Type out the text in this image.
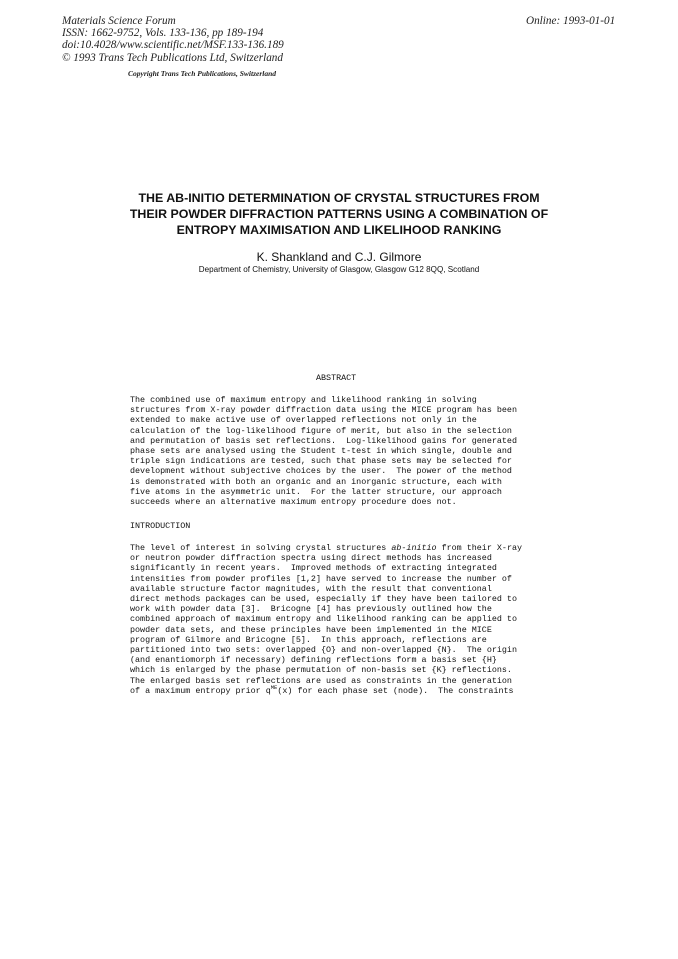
Materials Science Forum
ISSN: 1662-9752, Vols. 133-136, pp 189-194
doi:10.4028/www.scientific.net/MSF.133-136.189
© 1993 Trans Tech Publications Ltd, Switzerland
Online: 1993-01-01
Copyright Trans Tech Publications, Switzerland
THE AB-INITIO DETERMINATION OF CRYSTAL STRUCTURES FROM
THEIR POWDER DIFFRACTION PATTERNS USING A COMBINATION OF
ENTROPY MAXIMISATION AND LIKELIHOOD RANKING
K. Shankland and C.J. Gilmore
Department of Chemistry, University of Glasgow, Glasgow G12 8QQ, Scotland
ABSTRACT
The combined use of maximum entropy and likelihood ranking in solving
structures from X-ray powder diffraction data using the MICE program has been
extended to make active use of overlapped reflections not only in the
calculation of the log-likelihood figure of merit, but also in the selection
and permutation of basis set reflections.  Log-likelihood gains for generated
phase sets are analysed using the Student t-test in which single, double and
triple sign indications are tested, such that phase sets may be selected for
development without subjective choices by the user.  The power of the method
is demonstrated with both an organic and an inorganic structure, each with
five atoms in the asymmetric unit.  For the latter structure, our approach
succeeds where an alternative maximum entropy procedure does not.
INTRODUCTION
The level of interest in solving crystal structures ab-initio from their X-ray
or neutron powder diffraction spectra using direct methods has increased
significantly in recent years.  Improved methods of extracting integrated
intensities from powder profiles [1,2] have served to increase the number of
available structure factor magnitudes, with the result that conventional
direct methods packages can be used, especially if they have been tailored to
work with powder data [3].  Bricogne [4] has previously outlined how the
combined approach of maximum entropy and likelihood ranking can be applied to
powder data sets, and these principles have been implemented in the MICE
program of Gilmore and Bricogne [5].  In this approach, reflections are
partitioned into two sets: overlapped {O} and non-overlapped {N}.  The origin
(and enantiomorph if necessary) defining reflections form a basis set {H}
which is enlarged by the phase permutation of non-basis set {K} reflections.
The enlarged basis set reflections are used as constraints in the generation
of a maximum entropy prior $q^{ME}(x)$ for each phase set (node).  The constraints
